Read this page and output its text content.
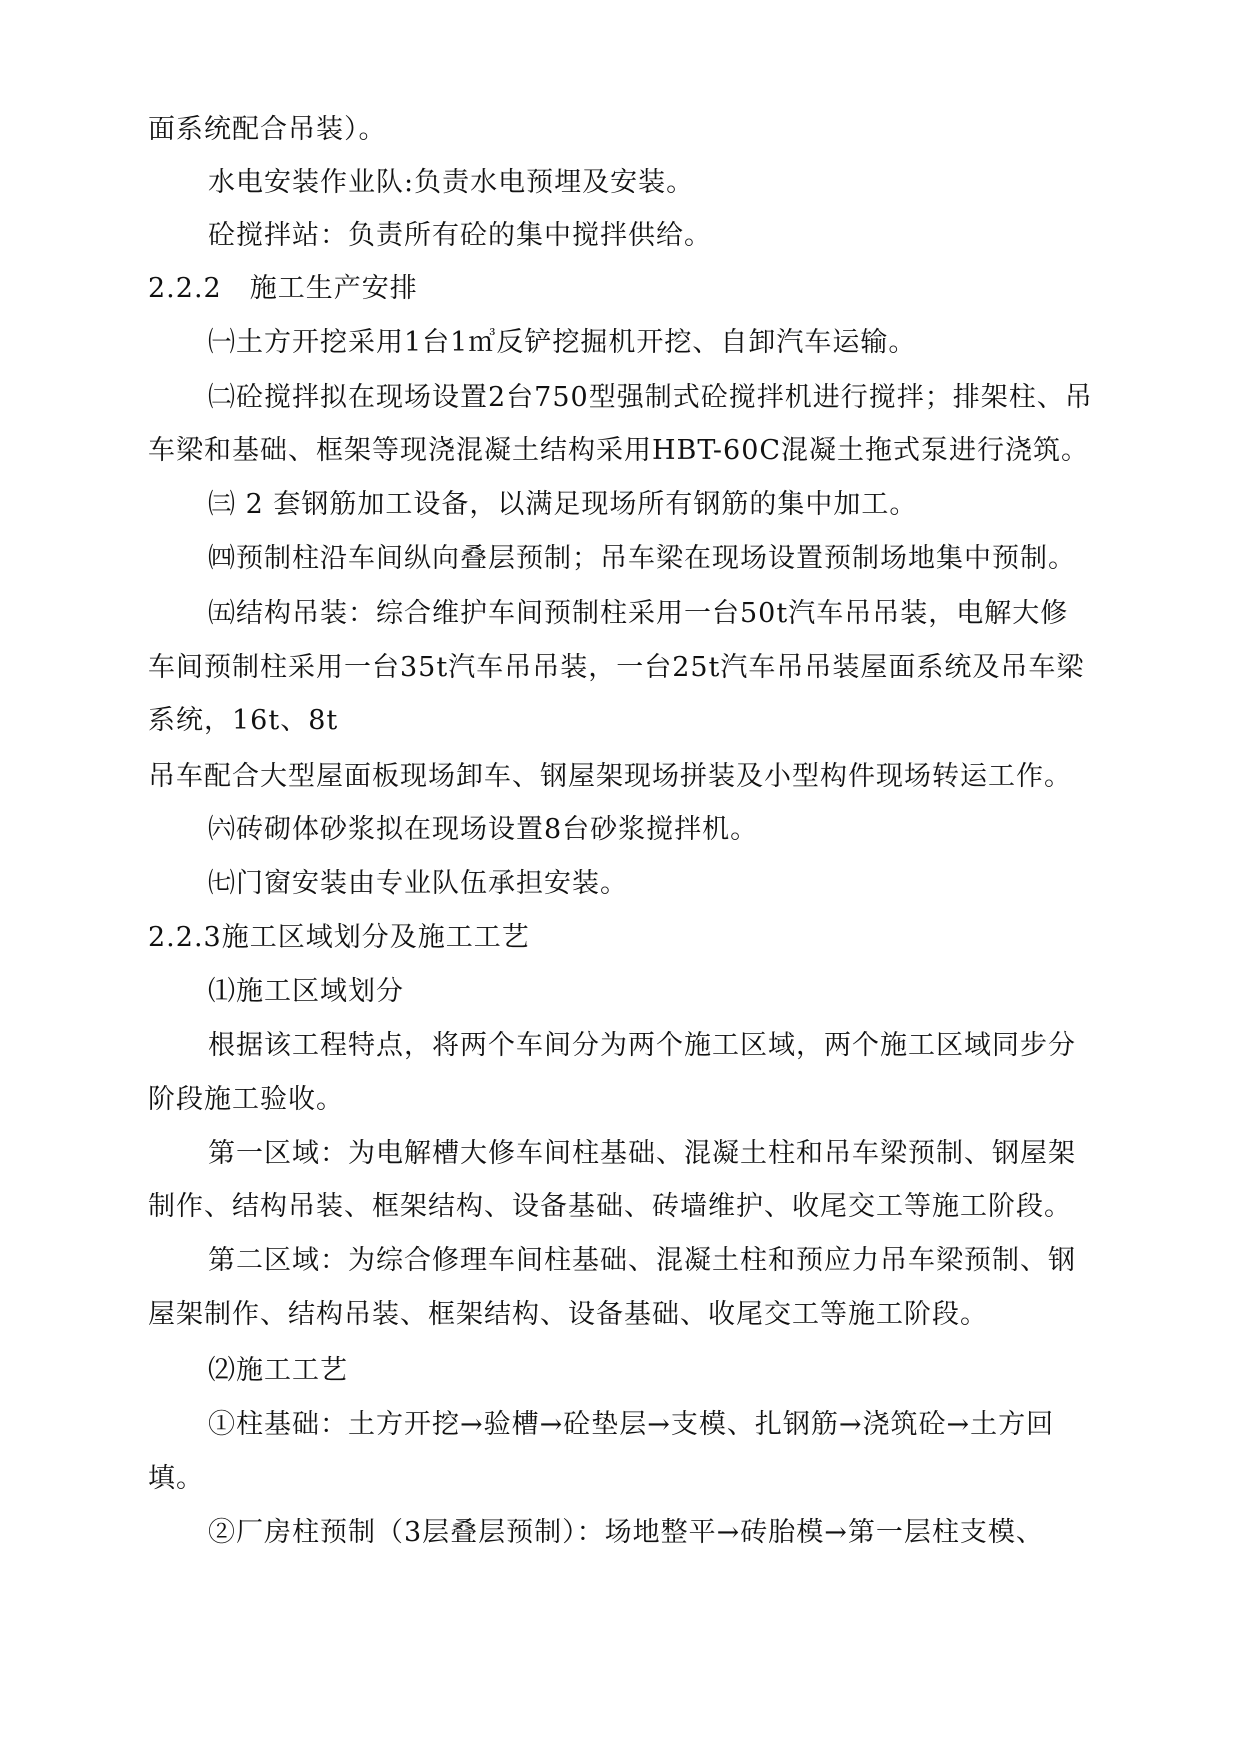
面系统配合吊装）。
水电安装作业队:负责水电预埋及安装。
砼搅拌站：负责所有砼的集中搅拌供给。
2.2.2　施工生产安排
㈠土方开挖采用1台1㎥反铲挖掘机开挖、自卸汽车运输。
㈡砼搅拌拟在现场设置2台750型强制式砼搅拌机进行搅拌；排架柱、吊
车梁和基础、框架等现浇混凝土结构采用HBT-60C混凝土拖式泵进行浇筑。
㈢ 2 套钢筋加工设备，以满足现场所有钢筋的集中加工。
㈣预制柱沿车间纵向叠层预制；吊车梁在现场设置预制场地集中预制。
㈤结构吊装：综合维护车间预制柱采用一台50t汽车吊吊装，电解大修
车间预制柱采用一台35t汽车吊吊装，一台25t汽车吊吊装屋面系统及吊车梁
系统，16t、8t
吊车配合大型屋面板现场卸车、钢屋架现场拼装及小型构件现场转运工作。
㈥砖砌体砂浆拟在现场设置8台砂浆搅拌机。
㈦门窗安装由专业队伍承担安装。
2.2.3施工区域划分及施工工艺
⑴施工区域划分
根据该工程特点，将两个车间分为两个施工区域，两个施工区域同步分
阶段施工验收。
第一区域：为电解槽大修车间柱基础、混凝土柱和吊车梁预制、钢屋架
制作、结构吊装、框架结构、设备基础、砖墙维护、收尾交工等施工阶段。
第二区域：为综合修理车间柱基础、混凝土柱和预应力吊车梁预制、钢
屋架制作、结构吊装、框架结构、设备基础、收尾交工等施工阶段。
⑵施工工艺
①柱基础：土方开挖→验槽→砼垫层→支模、扎钢筋→浇筑砼→土方回
填。
②厂房柱预制（3层叠层预制）：场地整平→砖胎模→第一层柱支模、
